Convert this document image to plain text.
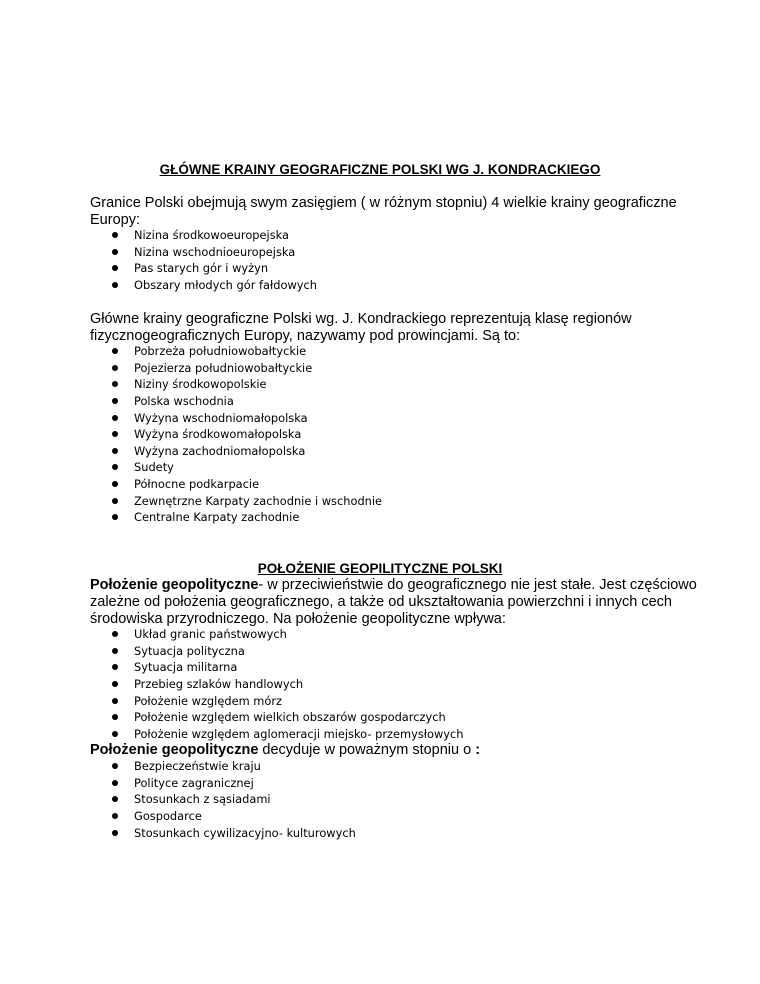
GŁÓWNE KRAINY GEOGRAFICZNE POLSKI WG J. KONDRACKIEGO
Granice Polski obejmują swym zasięgiem ( w różnym stopniu) 4 wielkie krainy geograficzne
Europy:
Nizina środkowoeuropejska
Nizina wschodnioeuropejska
Pas starych gór i wyżyn
Obszary młodych gór fałdowych
Główne krainy geograficzne Polski wg. J. Kondrackiego reprezentują klasę regionów
fizycznogeograficznych Europy, nazywamy pod prowincjami. Są to:
Pobrzeża południowobałtyckie
Pojezierza południowobałtyckie
Niziny środkowopolskie
Polska wschodnia
Wyżyna wschodniomałopolska
Wyżyna środkowomałopolska
Wyżyna zachodniomałopolska
Sudety
Północne podkarpacie
Zewnętrzne Karpaty zachodnie i wschodnie
Centralne Karpaty zachodnie
POŁOŻENIE GEOPILITYCZNE POLSKI
Położenie geopolityczne- w przeciwieństwie do geograficznego nie jest stałe. Jest częściowo
zależne od położenia geograficznego, a także od ukształtowania powierzchni i innych cech
środowiska przyrodniczego. Na położenie geopolityczne wpływa:
Układ granic państwowych
Sytuacja polityczna
Sytuacja militarna
Przebieg szlaków handlowych
Położenie względem mórz
Położenie względem wielkich obszarów gospodarczych
Położenie względem aglomeracji miejsko- przemysłowych
Położenie geopolityczne decyduje w poważnym stopniu o :
Bezpieczeństwie kraju
Polityce zagranicznej
Stosunkach z sąsiadami
Gospodarce
Stosunkach cywilizacyjno- kulturowych
